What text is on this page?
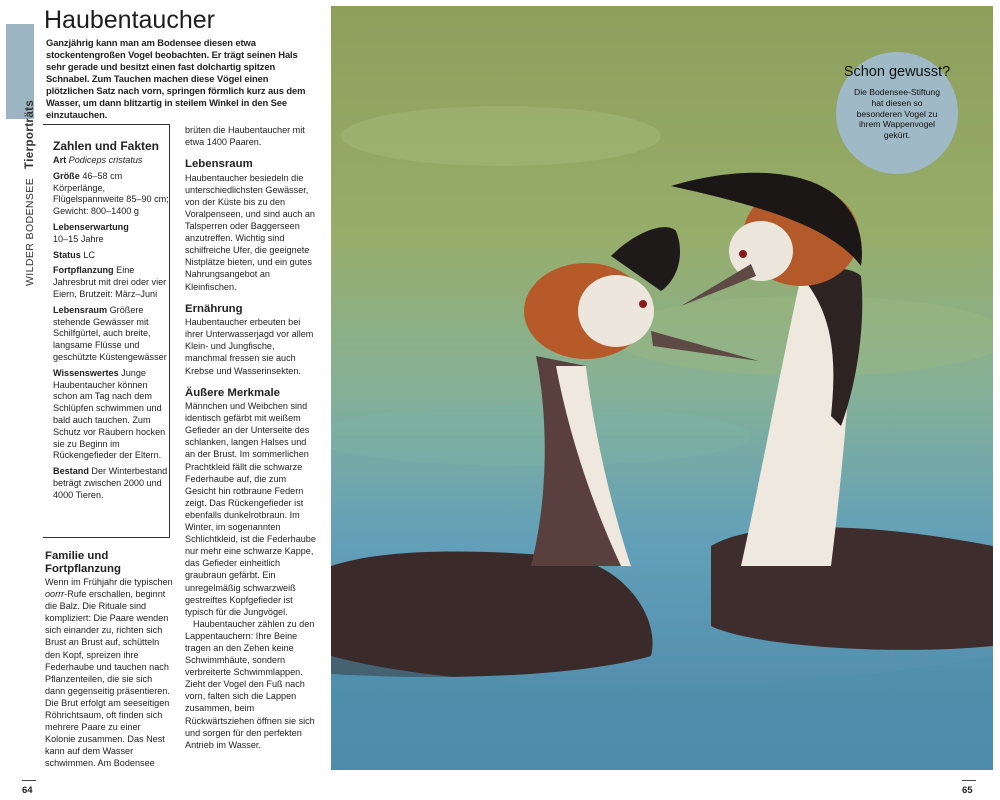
WILDER BODENSEE Tierporträts
Haubentaucher

Ganzjährig kann man am Bodensee diesen etwa stockentengroßen Vogel beobachten. Er trägt seinen Hals sehr gerade und besitzt einen fast dolchartig spitzen Schnabel. Zum Tauchen machen diese Vögel einen plötzlichen Satz nach vorn, springen förmlich kurz aus dem Wasser, um dann blitzartig in steilem Winkel in den See einzutauchen.

Zahlen und Fakten
Art Podiceps cristatus
Größe 46–58 cm Körperlänge, Flügelspannweite 85–90 cm; Gewicht: 800–1400 g
Lebenserwartung
10–15 Jahre
Status LC
Fortpflanzung Eine Jahresbrut mit drei oder vier Eiern, Brutzeit: März–Juni
Lebensraum Größere stehende Gewässer mit Schilfgürtel, auch breite, langsame Flüsse und geschützte Küstengewässer
Wissenswertes Junge Haubentaucher können schon am Tag nach dem Schlüpfen schwimmen und bald auch tauchen. Zum Schutz vor Räubern hocken sie zu Beginn im Rückengefieder der Eltern.
Bestand Der Winterbestand beträgt zwischen 2000 und 4000 Tieren.
Familie und Fortpflanzung

Wenn im Frühjahr die typischen oorrr-Rufe erschallen, beginnt die Balz. Die Rituale sind kompliziert: Die Paare wenden sich einander zu, richten sich Brust an Brust auf, schütteln den Kopf, spreizen ihre Federhaube und tauchen nach Pflanzenteilen, die sie sich dann gegenseitig präsentieren. Die Brut erfolgt am seeseitigen Röhrichtsaum, oft finden sich mehrere Paare zu einer Kolonie zusammen. Das Nest kann auf dem Wasser schwimmen. Am Bodensee

brüten die Haubentaucher mit etwa 1400 Paaren.

Lebensraum

Haubentaucher besiedeln die unterschiedlichsten Gewässer, von der Küste bis zu den Voralpenseen, und sind auch an Talsperren oder Baggerseen anzutreffen. Wichtig sind schilfreiche Ufer, die geeignete Nistplätze bieten, und ein gutes Nahrungsangebot an Kleinfischen.

Ernährung

Haubentaucher erbeuten bei ihrer Unterwasserjagd vor allem Klein- und Jungfische, manchmal fressen sie auch Krebse und Wasserinsekten.

Äußere Merkmale

Männchen und Weibchen sind identisch gefärbt mit weißem Gefieder an der Unterseite des schlanken, langen Halses und an der Brust. Im sommerlichen Prachtkleid fällt die schwarze Federhaube auf, die zum Gesicht hin rotbraune Federn zeigt. Das Rückengefieder ist ebenfalls dunkelrotbraun. Im Winter, im sogenannten Schlichtkleid, ist die Federhaube nur mehr eine schwarze Kappe, das Gefieder einheitlich graubraun gefärbt. Ein unregelmäßig schwarzweiß gestreiftes Kopfgefieder ist typisch für die Jungvögel.

Haubentaucher zählen zu den Lappentauchern: Ihre Beine tragen an den Zehen keine Schwimmhäute, sondern verbreiterte Schwimmlappen. Zieht der Vogel den Fuß nach vorn, falten sich die Lappen zusammen, beim Rückwärtsziehen öffnen sie sich und sorgen für den perfekten Antrieb im Wasser.

64
Schon gewusst?
Die Bodensee-Stiftung hat diesen so besonderen Vogel zu ihrem Wappenvogel gekürt.
65
